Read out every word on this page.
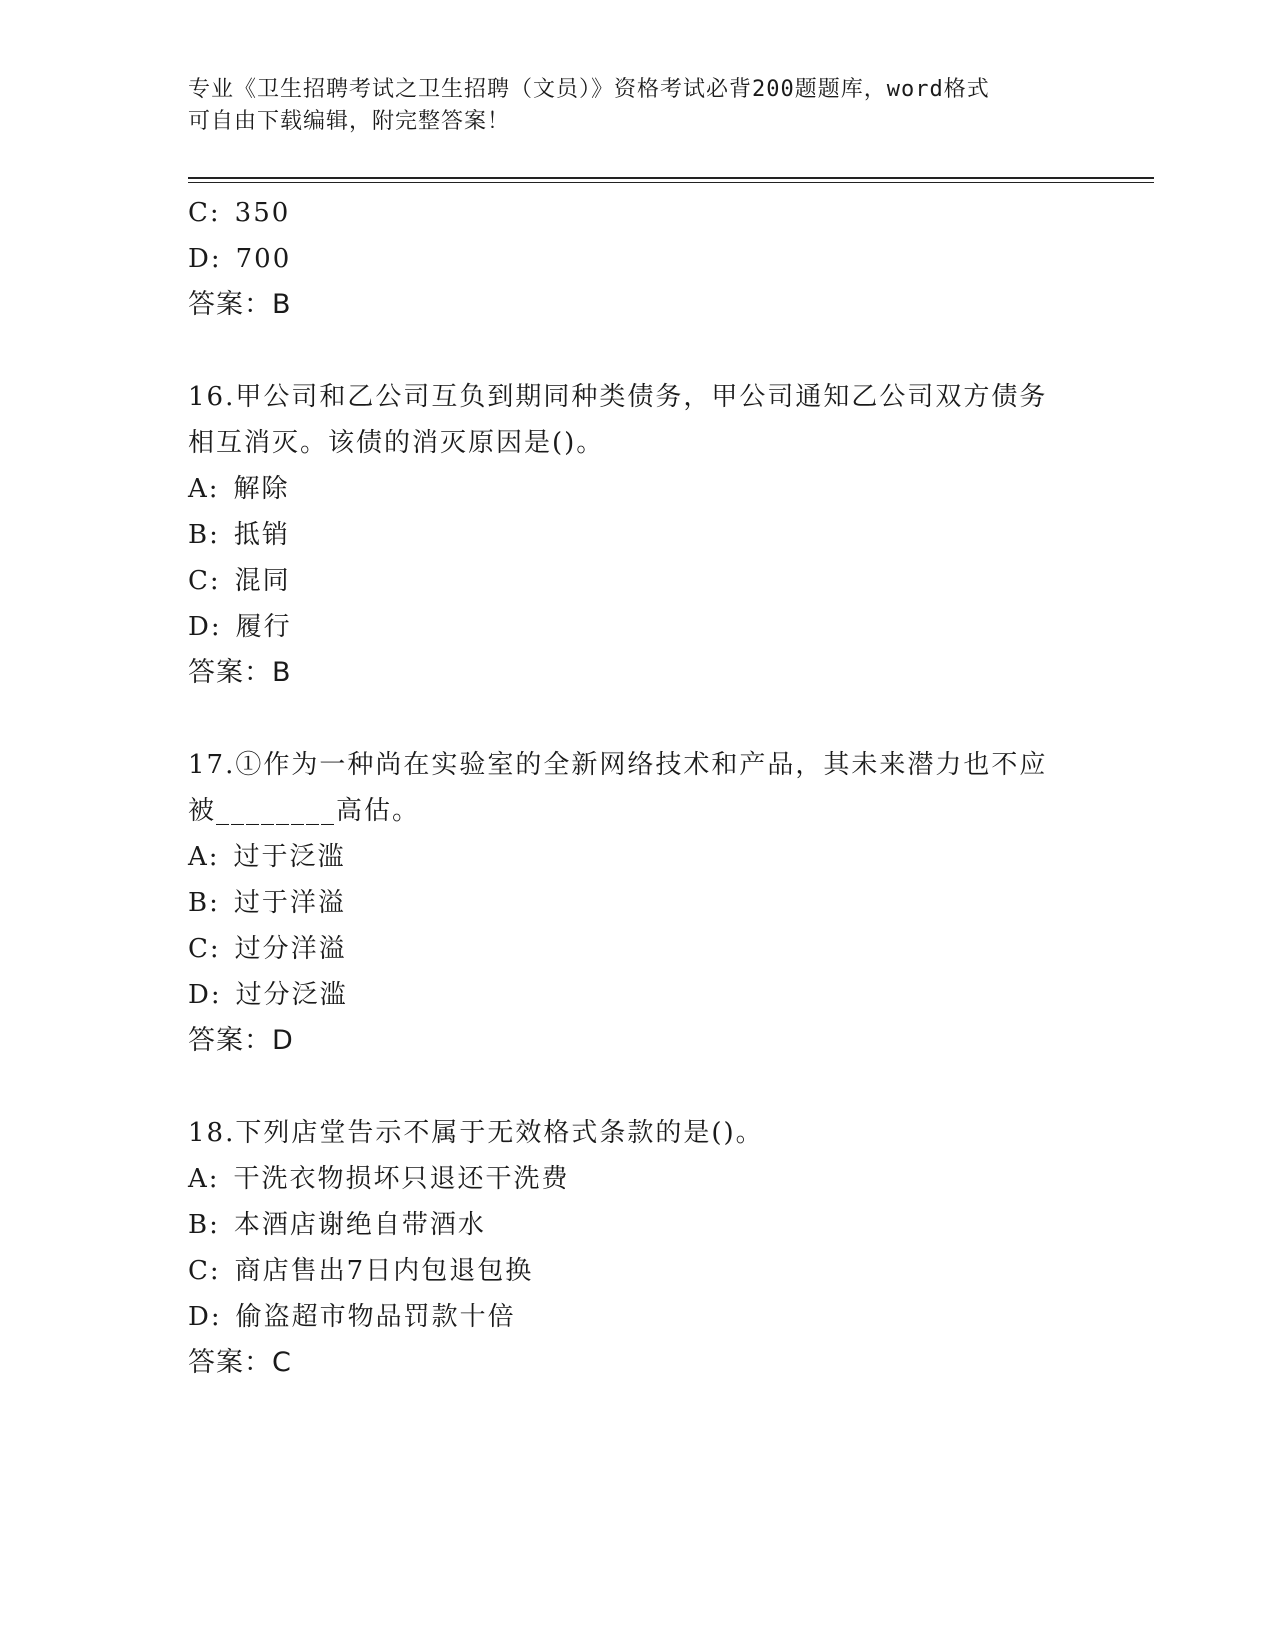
专业《卫生招聘考试之卫生招聘（文员）》资格考试必背200题题库，word格式
可自由下载编辑，附完整答案！
C: 350
D: 700
答案：B
16.甲公司和乙公司互负到期同种类债务，甲公司通知乙公司双方债务
相互消灭。该债的消灭原因是()。
A: 解除
B: 抵销
C: 混同
D: 履行
答案：B
17.①作为一种尚在实验室的全新网络技术和产品，其未来潜力也不应
被________高估。
A: 过于泛滥
B: 过于洋溢
C: 过分洋溢
D: 过分泛滥
答案：D
18.下列店堂告示不属于无效格式条款的是()。
A: 干洗衣物损坏只退还干洗费
B: 本酒店谢绝自带酒水
C: 商店售出7日内包退包换
D: 偷盗超市物品罚款十倍
答案：C
